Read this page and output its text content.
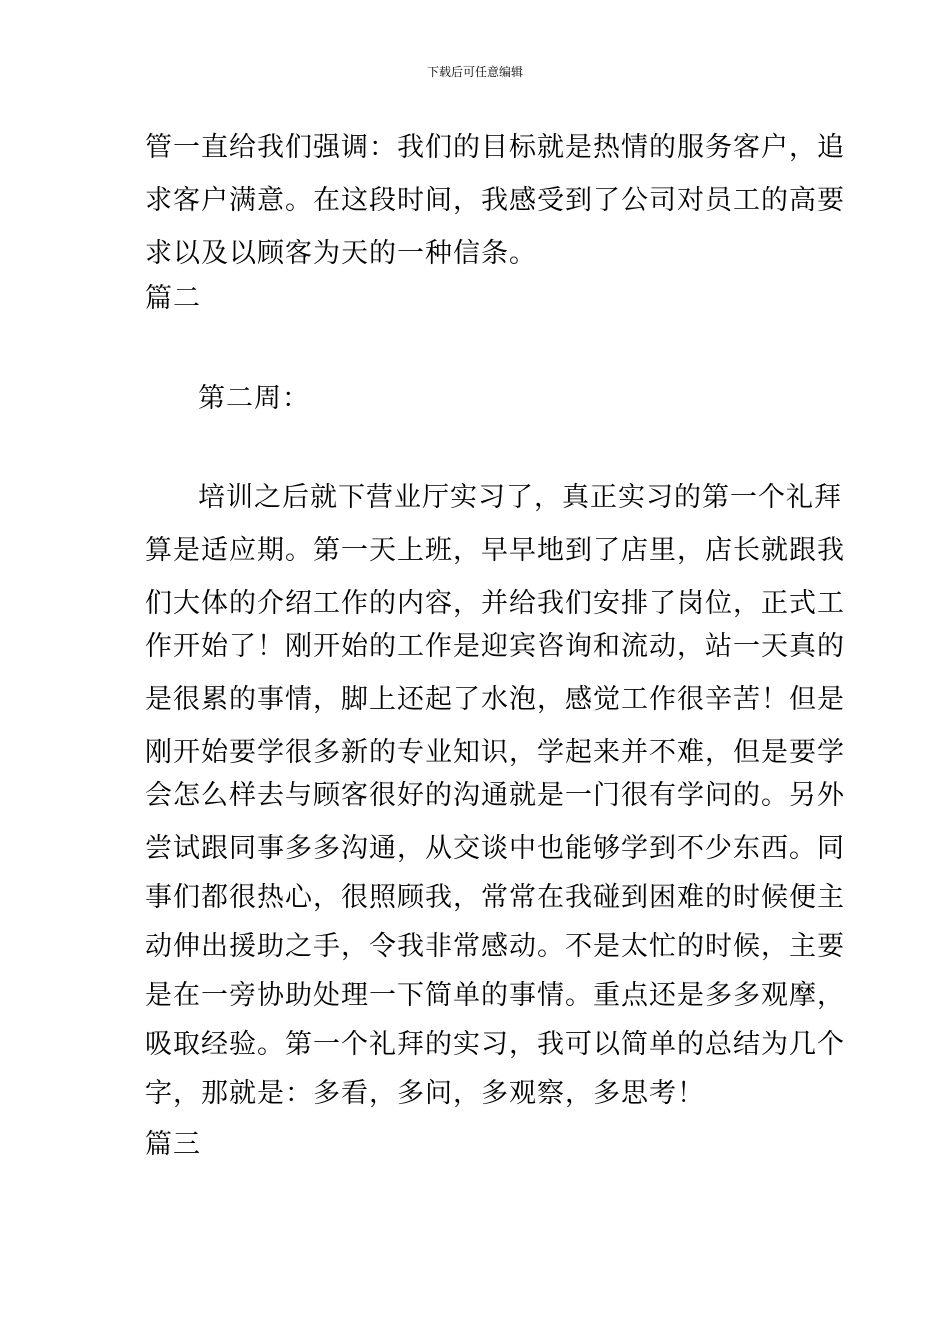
下载后可任意编辑
管一直给我们强调：我们的目标就是热情的服务客户，追
求客户满意。在这段时间，我感受到了公司对员工的高要
求以及以顾客为天的一种信条。
篇二
第二周：
培训之后就下营业厅实习了，真正实习的第一个礼拜
算是适应期。第一天上班，早早地到了店里，店长就跟我
们大体的介绍工作的内容，并给我们安排了岗位，正式工
作开始了！刚开始的工作是迎宾咨询和流动，站一天真的
是很累的事情，脚上还起了水泡，感觉工作很辛苦！但是
刚开始要学很多新的专业知识，学起来并不难，但是要学
会怎么样去与顾客很好的沟通就是一门很有学问的。另外
尝试跟同事多多沟通，从交谈中也能够学到不少东西。同
事们都很热心，很照顾我，常常在我碰到困难的时候便主
动伸出援助之手，令我非常感动。不是太忙的时候，主要
是在一旁协助处理一下简单的事情。重点还是多多观摩，
吸取经验。第一个礼拜的实习，我可以简单的总结为几个
字，那就是：多看，多问，多观察，多思考！
篇三
